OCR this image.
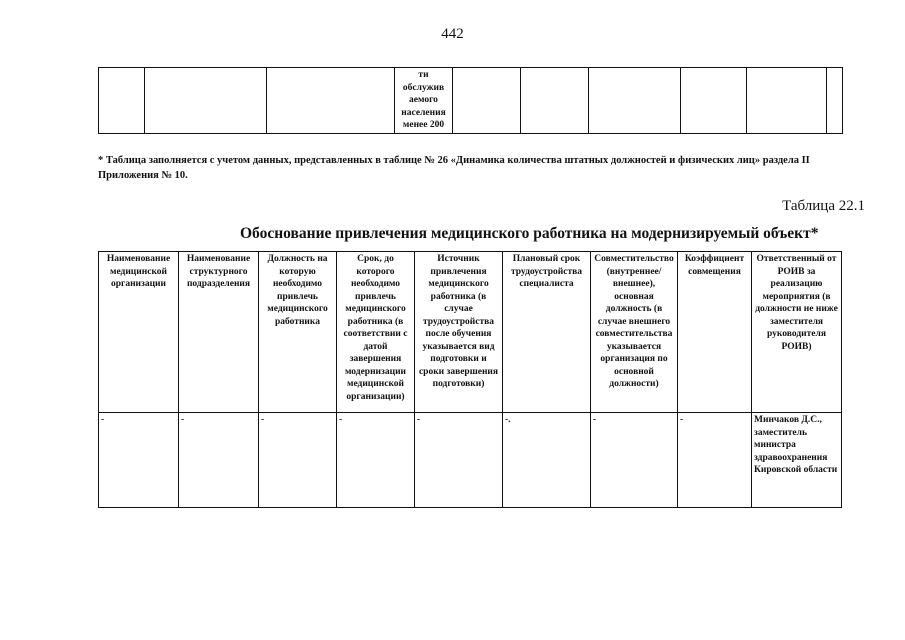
442
			ти обслужив аемого населения менее 200						
* Таблица заполняется с учетом данных, представленных в таблице № 26 «Динамика количества штатных должностей и физических лиц» раздела II Приложения № 10.
Таблица 22.1
Обоснование привлечения медицинского работника на модернизируемый объект*
Наименование медицинской организации	Наименование структурного подразделения	Должность на которую необходимо привлечь медицинского работника	Срок, до которого необходимо привлечь медицинского работника (в соответствии с датой завершения модернизации медицинской организации)	Источник привлечения медицинского работника (в случае трудоустройства после обучения указывается вид подготовки и сроки завершения подготовки)	Плановый срок трудоустройства специалиста	Совместительство (внутреннее/внешнее), основная должность (в случае внешнего совместительства указывается организация по основной должности)	Коэффициент совмещения	Ответственный от РОИВ за реализацию мероприятия (в должности не ниже заместителя руководителя РОИВ)
-	-	-	-	-	-.	-	-	Минчаков Д.С., заместитель министра здравоохранения Кировской области
